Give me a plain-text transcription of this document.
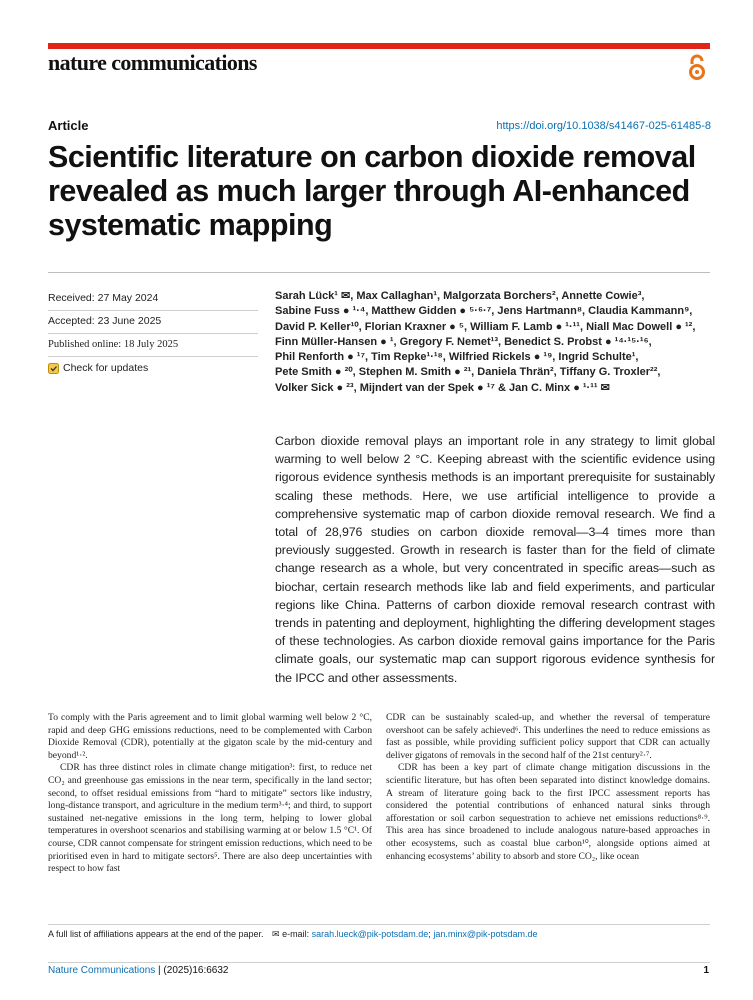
nature communications
Article	https://doi.org/10.1038/s41467-025-61485-8
Scientific literature on carbon dioxide removal revealed as much larger through AI-enhanced systematic mapping
Received: 27 May 2024
Accepted: 23 June 2025
Published online: 18 July 2025
Check for updates

Sarah Lück¹ ✉, Max Callaghan¹, Malgorzata Borchers², Annette Cowie³,

Sabine Fuss ● ¹·⁴, Matthew Gidden ● ⁵·⁶·⁷, Jens Hartmann⁸, Claudia Kammann⁹,

David P. Keller¹⁰, Florian Kraxner ● ⁵, William F. Lamb ● ¹·¹¹, Niall Mac Dowell ● ¹²,

Finn Müller-Hansen ● ¹, Gregory F. Nemet¹³, Benedict S. Probst ● ¹⁴·¹⁵·¹⁶,

Phil Renforth ● ¹⁷, Tim Repke¹·¹⁸, Wilfried Rickels ● ¹⁹, Ingrid Schulte¹,

Pete Smith ● ²⁰, Stephen M. Smith ● ²¹, Daniela Thrän², Tiffany G. Troxler²²,

Volker Sick ● ²³, Mijndert van der Spek ● ¹⁷ & Jan C. Minx ● ¹·¹¹ ✉

Carbon dioxide removal plays an important role in any strategy to limit global warming to well below 2 °C. Keeping abreast with the scientific evidence using rigorous evidence synthesis methods is an important prerequisite for sustainably scaling these methods. Here, we use artificial intelligence to provide a comprehensive systematic map of carbon dioxide removal research. We find a total of 28,976 studies on carbon dioxide removal—3–4 times more than previously suggested. Growth in research is faster than for the field of climate change research as a whole, but very concentrated in specific areas—such as biochar, certain research methods like lab and field experiments, and particular regions like China. Patterns of carbon dioxide removal research contrast with trends in patenting and deployment, highlighting the differing development stages of these technologies. As carbon dioxide removal gains importance for the Paris climate goals, our systematic map can support rigorous evidence synthesis for the IPCC and other assessments.

To comply with the Paris agreement and to limit global warming well below 2 °C, rapid and deep GHG emissions reductions, need to be complemented with Carbon Dioxide Removal (CDR), potentially at the gigaton scale by the mid-century and beyond¹·².

CDR has three distinct roles in climate change mitigation³: first, to reduce net CO₂ and greenhouse gas emissions in the near term, specifically in the land sector; second, to offset residual emissions from “hard to mitigate” sectors like industry, long-distance transport, and agriculture in the medium term³·⁴; and third, to support sustained net-negative emissions in the long term, helping to lower global temperatures in overshoot scenarios and stabilising warming at or below 1.5 °C¹. Of course, CDR cannot compensate for stringent emission reductions, which need to be prioritised even in hard to mitigate sectors⁵. There are also deep uncertainties with respect to how fast

CDR can be sustainably scaled-up, and whether the reversal of temperature overshoot can be safely achieved⁶. This underlines the need to reduce emissions as fast as possible, while providing sufficient policy support that CDR can actually deliver gigatons of removals in the second half of the 21st century²·⁷.

CDR has been a key part of climate change mitigation discussions in the scientific literature, but has often been separated into distinct knowledge domains. A stream of literature going back to the first IPCC assessment reports has considered the potential contributions of enhanced natural sinks through afforestation or soil carbon sequestration to achieve net emissions reductions⁸·⁹. This area has since broadened to include analogous nature-based approaches in other ecosystems, such as coastal blue carbon¹⁰, alongside options aimed at enhancing ecosystems’ ability to absorb and store CO₂, like ocean

A full list of affiliations appears at the end of the paper. ✉ e-mail: sarah.lueck@pik-potsdam.de; jan.minx@pik-potsdam.de
Nature Communications | (2025)16:6632	1
